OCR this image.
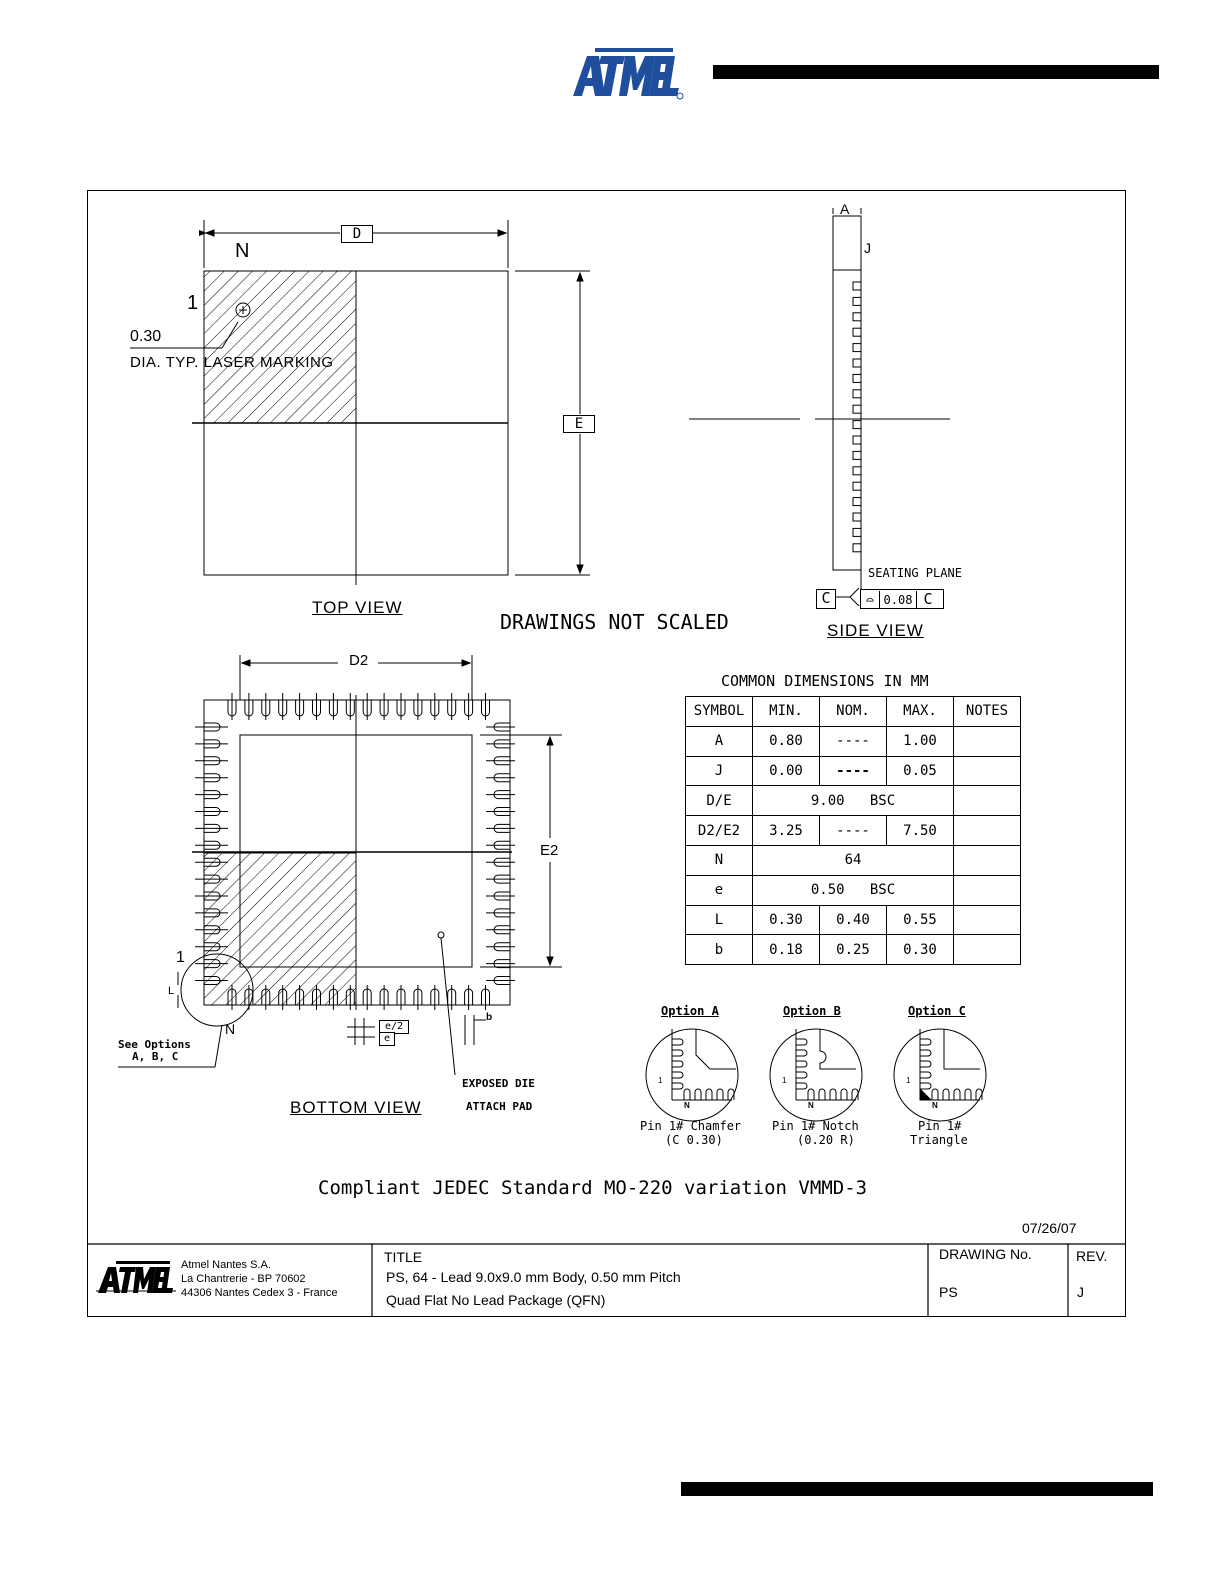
D
E
N
1
0.30
DIA. TYP. LASER MARKING
TOP VIEW
DRAWINGS NOT SCALED
A
J
SEATING PLANE
C	⌓ 0.08 C
SIDE VIEW
D2
E2
1
L
N	e/2
e
b
See Options
A, B, C
EXPOSED DIE
ATTACH PAD
BOTTOM VIEW
COMMON DIMENSIONS IN MM
SYMBOL	MIN.	NOM.	MAX.	NOTES
A	0.80	----	1.00	
J	0.00	----	0.05	
D/E	9.00   BSC			
D2/E2	3.25	----	7.50	
N	64			
e	0.50   BSC			
L	0.30	0.40	0.55	
b	0.18	0.25	0.30	
Option A	Option B	Option C
Pin 1# Chamfer
(C 0.30)
Pin 1# Notch
(0.20 R)
Pin 1#
Triangle
1	1	1
N	N	N
Compliant JEDEC Standard MO-220 variation VMMD-3
07/26/07
Atmel Nantes S.A.
La Chantrerie - BP 70602
44306 Nantes Cedex 3 - France
TITLE
PS, 64 - Lead 9.0x9.0 mm Body, 0.50 mm Pitch
Quad Flat No Lead Package (QFN)
DRAWING No.
PS
REV.
J
